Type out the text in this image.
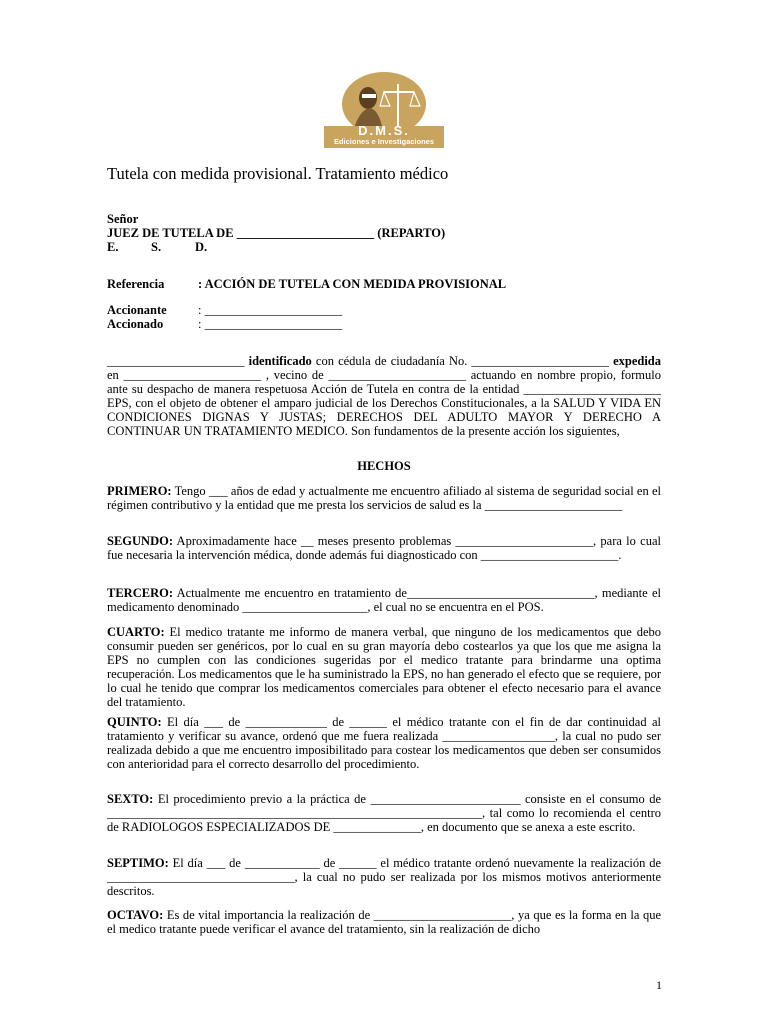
D.M.S.
Ediciones e Investigaciones
Tutela con medida provisional. Tratamiento médico
Señor
JUEZ DE TUTELA DE ______________________ (REPARTO)
E.	S.	D.
Referencia	: ACCIÓN DE TUTELA CON MEDIDA PROVISIONAL
Accionante	: ______________________
Accionado	: ______________________
______________________ identificado con cédula de ciudadanía No. ______________________ expedida en ______________________ , vecino de ______________________ actuando en nombre propio, formulo ante su despacho de manera respetuosa Acción de Tutela en contra de la entidad ______________________ EPS, con el objeto de obtener el amparo judicial de los Derechos Constitucionales, a la SALUD Y VIDA EN CONDICIONES DIGNAS Y JUSTAS; DERECHOS DEL ADULTO MAYOR Y DERECHO A CONTINUAR UN TRATAMIENTO MEDICO. Son fundamentos de la presente acción los siguientes,
HECHOS
PRIMERO: Tengo ___ años de edad y actualmente me encuentro afiliado al sistema de seguridad social en el régimen contributivo y la entidad que me presta los servicios de salud es la ______________________
SEGUNDO: Aproximadamente hace __ meses presento problemas ______________________, para lo cual fue necesaria la intervención médica, donde además fui diagnosticado con ______________________.
TERCERO: Actualmente me encuentro en tratamiento de______________________________, mediante el medicamento denominado ____________________, el cual no se encuentra en el POS.
CUARTO: El medico tratante me informo de manera verbal, que ninguno de los medicamentos que debo consumir pueden ser genéricos, por lo cual en su gran mayoría debo costearlos ya que los que me asigna la EPS no cumplen con las condiciones sugeridas por el medico tratante para brindarme una optima recuperación. Los medicamentos que le ha suministrado la EPS, no han generado el efecto que se requiere, por lo cual he tenido que comprar los medicamentos comerciales para obtener el efecto necesario para el avance del tratamiento.
QUINTO: El día ___ de _____________ de ______ el médico tratante con el fin de dar continuidad al tratamiento y verificar su avance, ordenó que me fuera realizada __________________, la cual no pudo ser realizada debido a que me encuentro imposibilitado para costear los medicamentos que deben ser consumidos con anterioridad para el correcto desarrollo del procedimiento.
SEXTO: El procedimiento previo a la práctica de ________________________ consiste en el consumo de ____________________________________________________________, tal como lo recomienda el centro de RADIOLOGOS ESPECIALIZADOS DE ______________, en documento que se anexa a este escrito.
SEPTIMO: El día ___ de ____________ de ______ el médico tratante ordenó nuevamente la realización de ______________________________, la cual no pudo ser realizada por los mismos motivos anteriormente descritos.
OCTAVO: Es de vital importancia la realización de ______________________, ya que es la forma en la que el medico tratante puede verificar el avance del tratamiento, sin la realización de dicho
1
